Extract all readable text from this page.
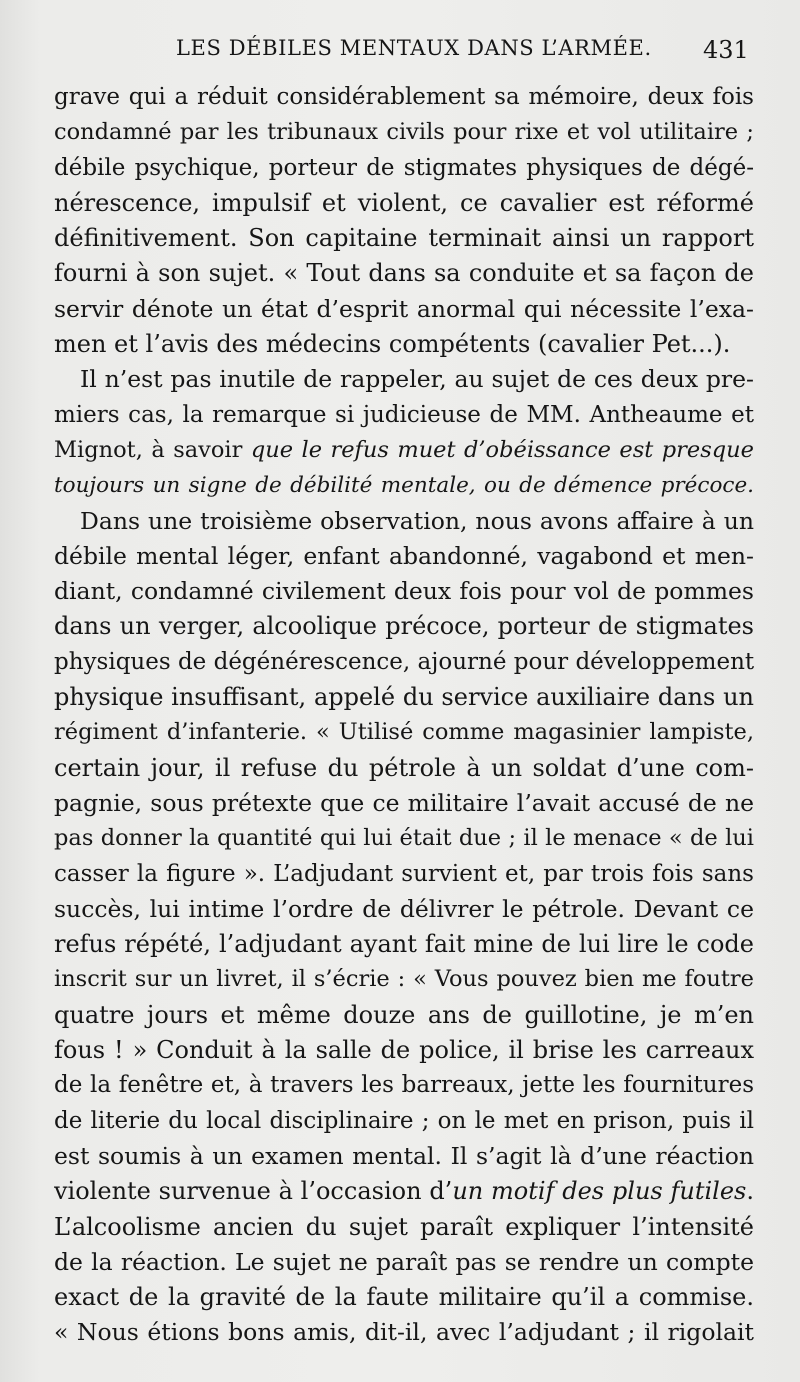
LES DÉBILES MENTAUX DANS L’ARMÉE. 431
grave qui a réduit considérablement sa mémoire, deux fois
condamné par les tribunaux civils pour rixe et vol utilitaire ;
débile psychique, porteur de stigmates physiques de dégé-
nérescence, impulsif et violent, ce cavalier est réformé
définitivement. Son capitaine terminait ainsi un rapport
fourni à son sujet. « Tout dans sa conduite et sa façon de
servir dénote un état d’esprit anormal qui nécessite l’exa-
men et l’avis des médecins compétents (cavalier Pet...).
Il n’est pas inutile de rappeler, au sujet de ces deux pre-
miers cas, la remarque si judicieuse de MM. Antheaume et
Mignot, à savoir que le refus muet d’obéissance est presque
toujours un signe de débilité mentale, ou de démence précoce.
Dans une troisième observation, nous avons affaire à un
débile mental léger, enfant abandonné, vagabond et men-
diant, condamné civilement deux fois pour vol de pommes
dans un verger, alcoolique précoce, porteur de stigmates
physiques de dégénérescence, ajourné pour développement
physique insuffisant, appelé du service auxiliaire dans un
régiment d’infanterie. « Utilisé comme magasinier lampiste,
certain jour, il refuse du pétrole à un soldat d’une com-
pagnie, sous prétexte que ce militaire l’avait accusé de ne
pas donner la quantité qui lui était due ; il le menace « de lui
casser la figure ». L’adjudant survient et, par trois fois sans
succès, lui intime l’ordre de délivrer le pétrole. Devant ce
refus répété, l’adjudant ayant fait mine de lui lire le code
inscrit sur un livret, il s’écrie : « Vous pouvez bien me foutre
quatre jours et même douze ans de guillotine, je m’en
fous ! » Conduit à la salle de police, il brise les carreaux
de la fenêtre et, à travers les barreaux, jette les fournitures
de literie du local disciplinaire ; on le met en prison, puis il
est soumis à un examen mental. Il s’agit là d’une réaction
violente survenue à l’occasion d’un motif des plus futiles.
L’alcoolisme ancien du sujet paraît expliquer l’intensité
de la réaction. Le sujet ne paraît pas se rendre un compte
exact de la gravité de la faute militaire qu’il a commise.
« Nous étions bons amis, dit-il, avec l’adjudant ; il rigolait
